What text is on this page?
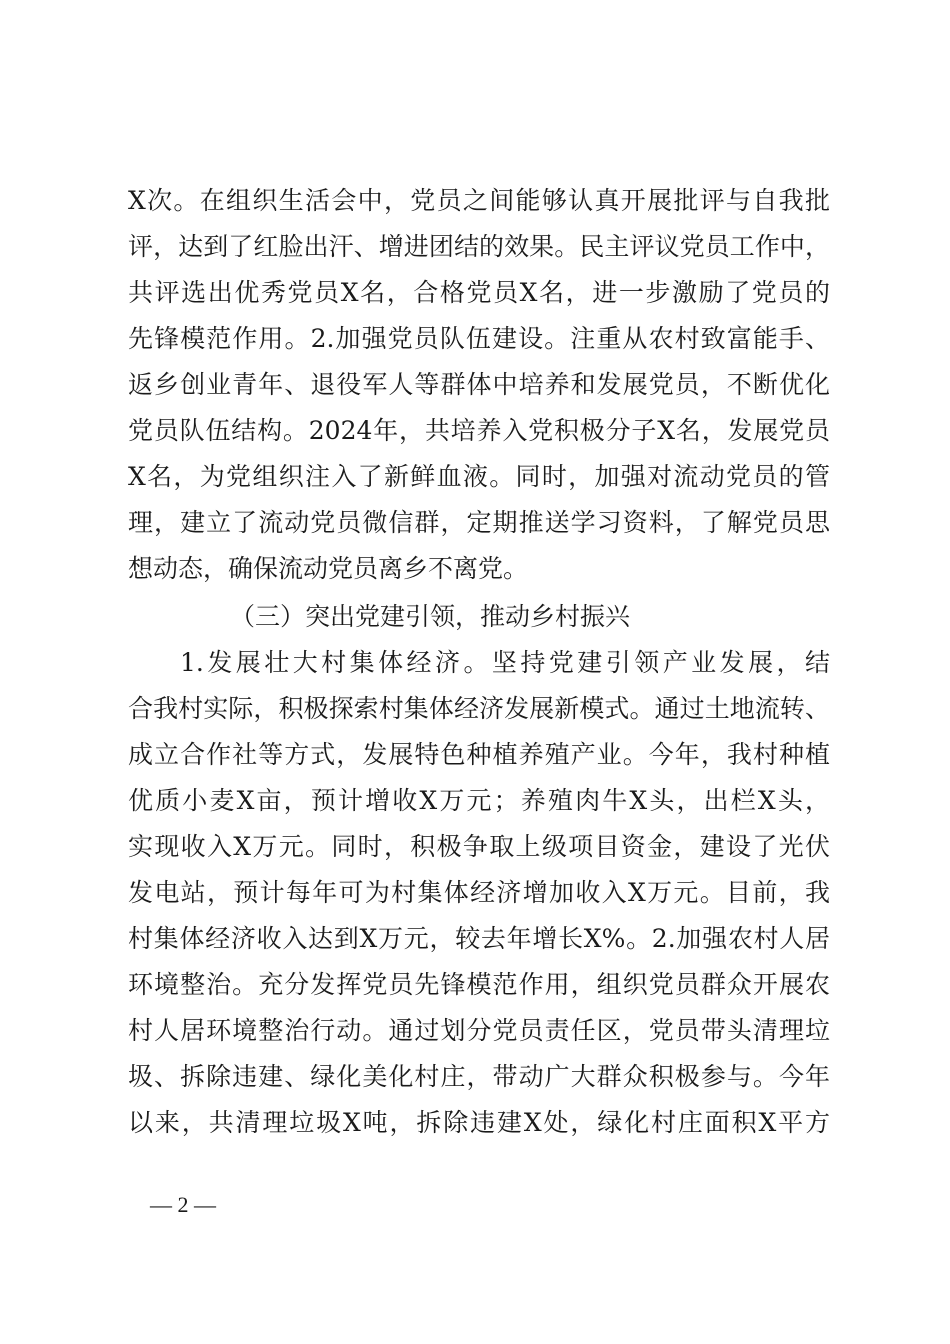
X次。在组织生活会中，党员之间能够认真开展批评与自我批
评，达到了红脸出汗、增进团结的效果。民主评议党员工作中，
共评选出优秀党员X名，合格党员X名，进一步激励了党员的
先锋模范作用。2.加强党员队伍建设。注重从农村致富能手、
返乡创业青年、退役军人等群体中培养和发展党员，不断优化
党员队伍结构。2024年，共培养入党积极分子X名，发展党员
X名，为党组织注入了新鲜血液。同时，加强对流动党员的管
理，建立了流动党员微信群，定期推送学习资料，了解党员思
想动态，确保流动党员离乡不离党。
（三）突出党建引领，推动乡村振兴
1.发展壮大村集体经济。坚持党建引领产业发展，结
合我村实际，积极探索村集体经济发展新模式。通过土地流转、
成立合作社等方式，发展特色种植养殖产业。今年，我村种植
优质小麦X亩，预计增收X万元；养殖肉牛X头，出栏X头，
实现收入X万元。同时，积极争取上级项目资金，建设了光伏
发电站，预计每年可为村集体经济增加收入X万元。目前，我
村集体经济收入达到X万元，较去年增长X%。2.加强农村人居
环境整治。充分发挥党员先锋模范作用，组织党员群众开展农
村人居环境整治行动。通过划分党员责任区，党员带头清理垃
圾、拆除违建、绿化美化村庄，带动广大群众积极参与。今年
以来，共清理垃圾X吨，拆除违建X处，绿化村庄面积X平方
— 2 —
